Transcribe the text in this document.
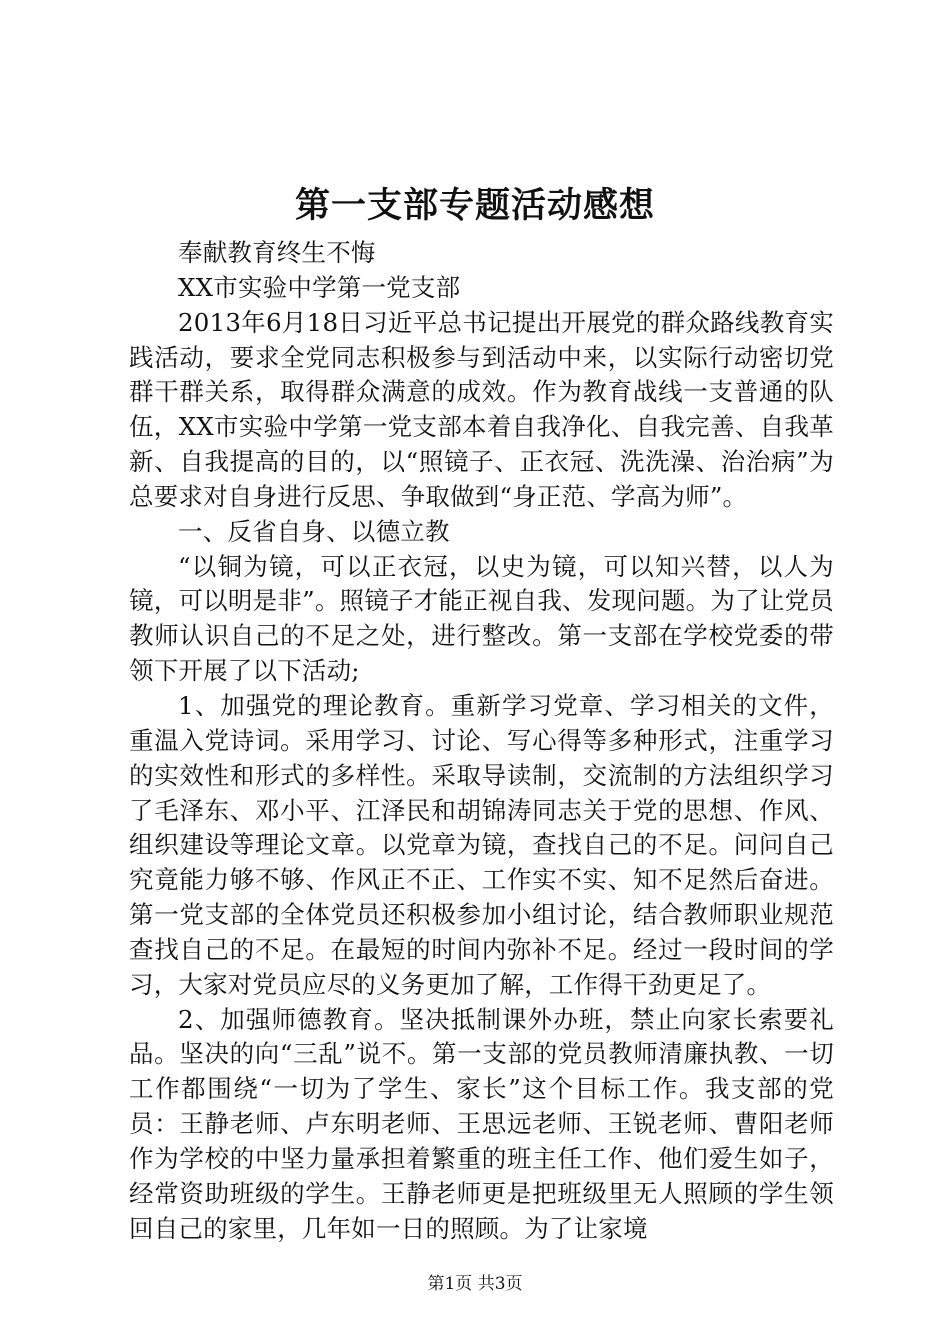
第一支部专题活动感想

奉献教育终生不悔

XX市实验中学第一党支部

2013年6月18日习近平总书记提出开展党的群众路线教育实践活动，要求全党同志积极参与到活动中来，以实际行动密切党群干群关系，取得群众满意的成效。作为教育战线一支普通的队伍，XX市实验中学第一党支部本着自我净化、自我完善、自我革新、自我提高的目的，以“照镜子、正衣冠、洗洗澡、治治病”为总要求对自身进行反思、争取做到“身正范、学高为师”。

一、反省自身、以德立教

“以铜为镜，可以正衣冠，以史为镜，可以知兴替，以人为镜，可以明是非”。照镜子才能正视自我、发现问题。为了让党员教师认识自己的不足之处，进行整改。第一支部在学校党委的带领下开展了以下活动;

1、加强党的理论教育。重新学习党章、学习相关的文件，重温入党诗词。采用学习、讨论、写心得等多种形式，注重学习的实效性和形式的多样性。采取导读制，交流制的方法组织学习了毛泽东、邓小平、江泽民和胡锦涛同志关于党的思想、作风、组织建设等理论文章。以党章为镜，查找自己的不足。问问自己究竟能力够不够、作风正不正、工作实不实、知不足然后奋进。第一党支部的全体党员还积极参加小组讨论，结合教师职业规范查找自己的不足。在最短的时间内弥补不足。经过一段时间的学习，大家对党员应尽的义务更加了解，工作得干劲更足了。

2、加强师德教育。坚决抵制课外办班，禁止向家长索要礼品。坚决的向“三乱”说不。第一支部的党员教师清廉执教、一切工作都围绕“一切为了学生、家长”这个目标工作。我支部的党员：王静老师、卢东明老师、王思远老师、王锐老师、曹阳老师作为学校的中坚力量承担着繁重的班主任工作、他们爱生如子，经常资助班级的学生。王静老师更是把班级里无人照顾的学生领回自己的家里，几年如一日的照顾。为了让家境

第1页 共3页
